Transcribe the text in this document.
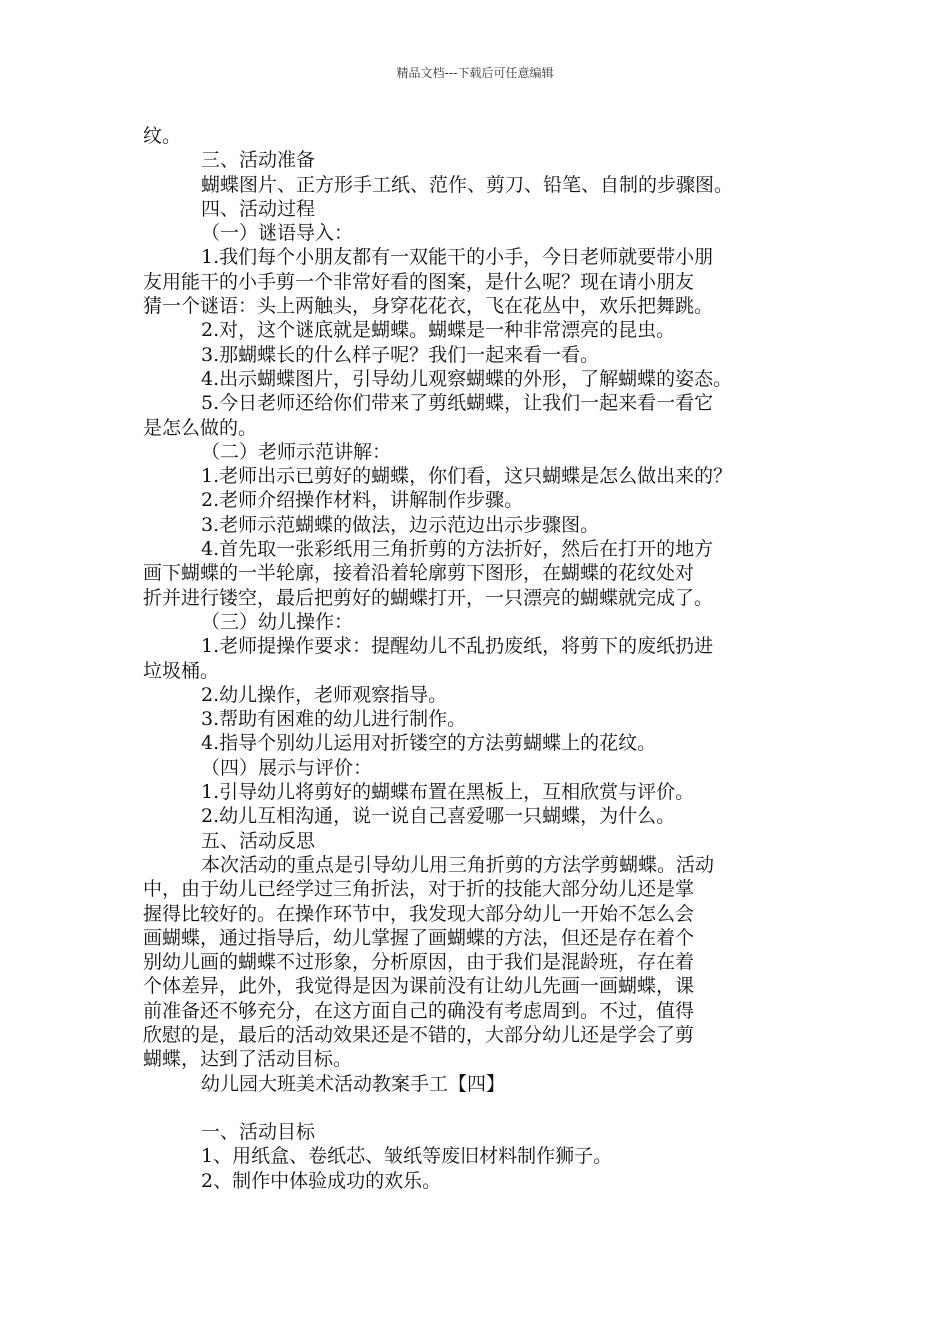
精品文档---下载后可任意编辑
纹。
三、活动准备
蝴蝶图片、正方形手工纸、范作、剪刀、铅笔、自制的步骤图。
四、活动过程
（一）谜语导入：
1.我们每个小朋友都有一双能干的小手，今日老师就要带小朋
友用能干的小手剪一个非常好看的图案，是什么呢？现在请小朋友
猜一个谜语：头上两触头，身穿花花衣，飞在花丛中，欢乐把舞跳。
2.对，这个谜底就是蝴蝶。蝴蝶是一种非常漂亮的昆虫。
3.那蝴蝶长的什么样子呢？我们一起来看一看。
4.出示蝴蝶图片，引导幼儿观察蝴蝶的外形，了解蝴蝶的姿态。
5.今日老师还给你们带来了剪纸蝴蝶，让我们一起来看一看它
是怎么做的。
（二）老师示范讲解：
1.老师出示已剪好的蝴蝶，你们看，这只蝴蝶是怎么做出来的？
2.老师介绍操作材料，讲解制作步骤。
3.老师示范蝴蝶的做法，边示范边出示步骤图。
4.首先取一张彩纸用三角折剪的方法折好，然后在打开的地方
画下蝴蝶的一半轮廓，接着沿着轮廓剪下图形，在蝴蝶的花纹处对
折并进行镂空，最后把剪好的蝴蝶打开，一只漂亮的蝴蝶就完成了。
（三）幼儿操作：
1.老师提操作要求：提醒幼儿不乱扔废纸，将剪下的废纸扔进
垃圾桶。
2.幼儿操作，老师观察指导。
3.帮助有困难的幼儿进行制作。
4.指导个别幼儿运用对折镂空的方法剪蝴蝶上的花纹。
（四）展示与评价：
1.引导幼儿将剪好的蝴蝶布置在黑板上，互相欣赏与评价。
2.幼儿互相沟通，说一说自己喜爱哪一只蝴蝶，为什么。
五、活动反思
本次活动的重点是引导幼儿用三角折剪的方法学剪蝴蝶。活动
中，由于幼儿已经学过三角折法，对于折的技能大部分幼儿还是掌
握得比较好的。在操作环节中，我发现大部分幼儿一开始不怎么会
画蝴蝶，通过指导后，幼儿掌握了画蝴蝶的方法，但还是存在着个
别幼儿画的蝴蝶不过形象，分析原因，由于我们是混龄班，存在着
个体差异，此外，我觉得是因为课前没有让幼儿先画一画蝴蝶，课
前准备还不够充分，在这方面自己的确没有考虑周到。不过，值得
欣慰的是，最后的活动效果还是不错的，大部分幼儿还是学会了剪
蝴蝶，达到了活动目标。
幼儿园大班美术活动教案手工【四】
一、活动目标
1、用纸盒、卷纸芯、皱纸等废旧材料制作狮子。
2、制作中体验成功的欢乐。
